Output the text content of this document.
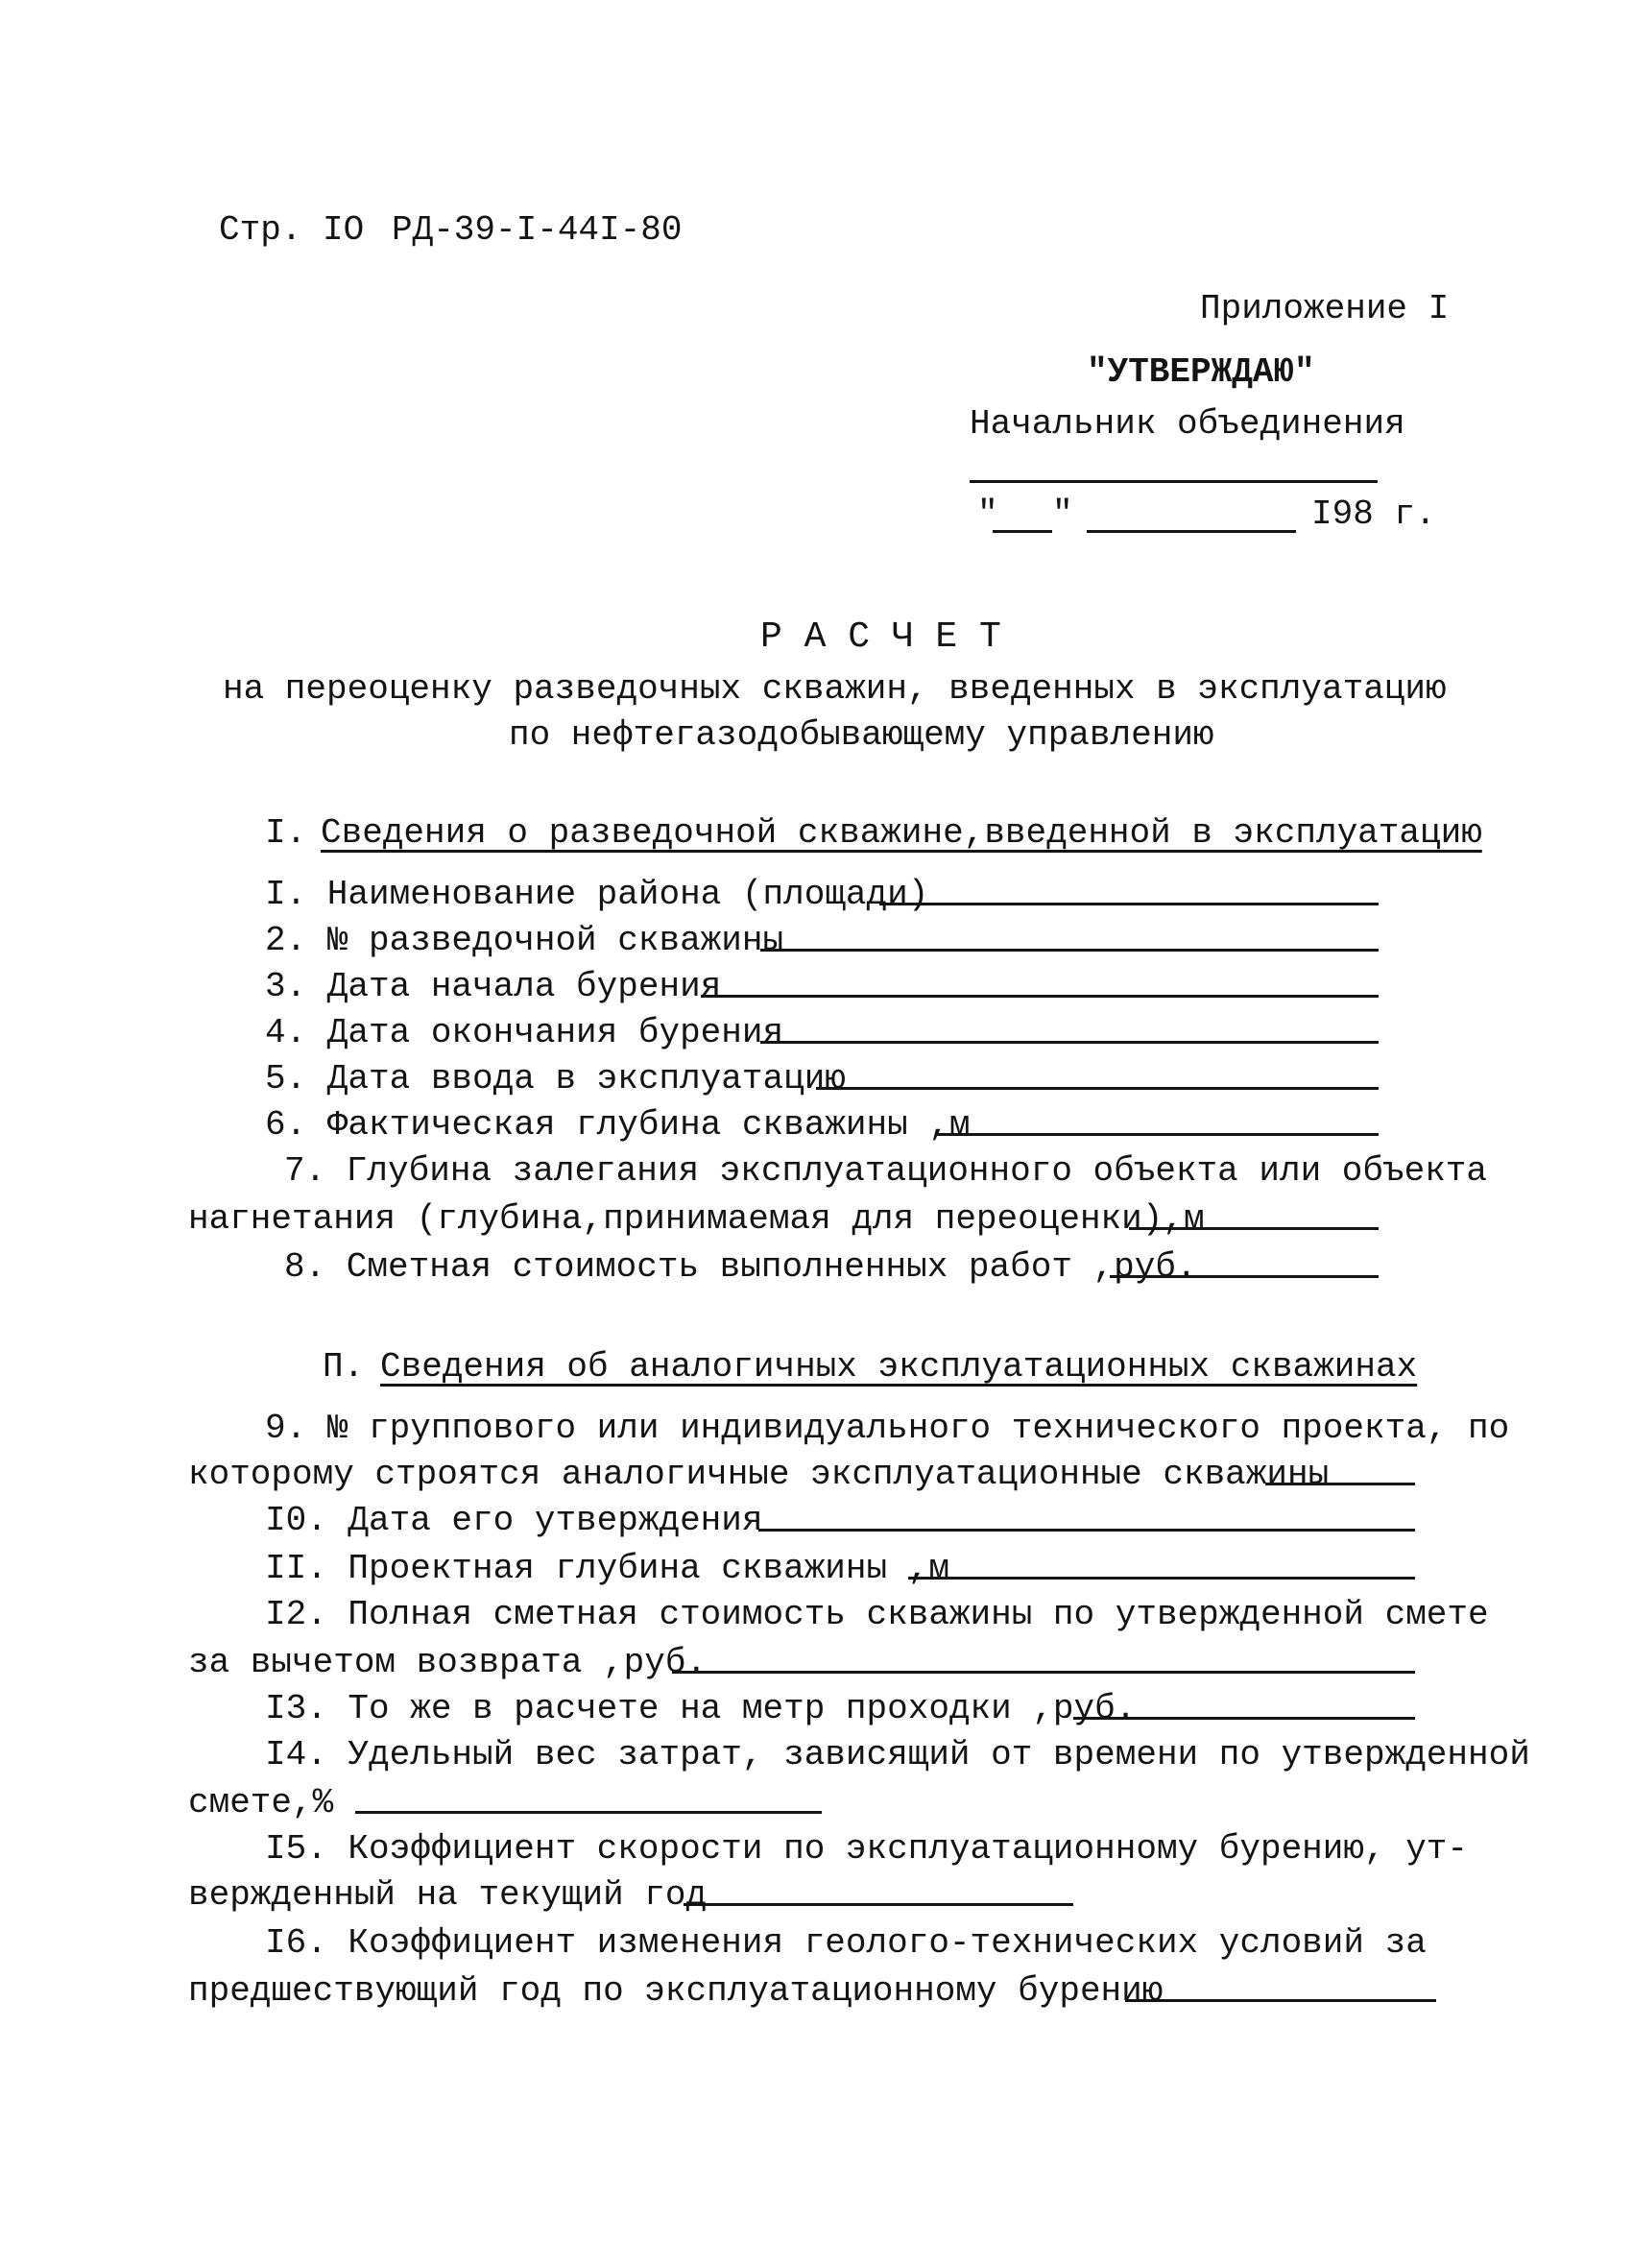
Стр. IO РД-39-I-44I-80
Приложение I
"УТВЕРЖДАЮ"
Начальник объединения
" "	I98 г.
Р А С Ч Е Т
на переоценку разведочных скважин, введенных в эксплуатацию
по нефтегазодобывающему управлению
I. Сведения о разведочной скважине,введенной в эксплуатацию
I. Наименование района (площади)
2. № разведочной скважины
3. Дата начала бурения
4. Дата окончания бурения
5. Дата ввода в эксплуатацию
6. Фактическая глубина скважины ,м
7. Глубина залегания эксплуатационного объекта или объекта
нагнетания (глубина,принимаемая для переоценки),м
8. Сметная стоимость выполненных работ ,руб.
П. Сведения об аналогичных эксплуатационных скважинах
9. № группового или индивидуального технического проекта, по
которому строятся аналогичные эксплуатационные скважины
I0. Дата его утверждения
II. Проектная глубина скважины ,м
I2. Полная сметная стоимость скважины по утвержденной смете
за вычетом возврата ,руб.
I3. То же в расчете на метр проходки ,руб.
I4. Удельный вес затрат, зависящий от времени по утвержденной
смете,%
I5. Коэффициент скорости по эксплуатационному бурению, ут-
вержденный на текущий год
I6. Коэффициент изменения геолого-технических условий за
предшествующий год по эксплуатационному бурению
